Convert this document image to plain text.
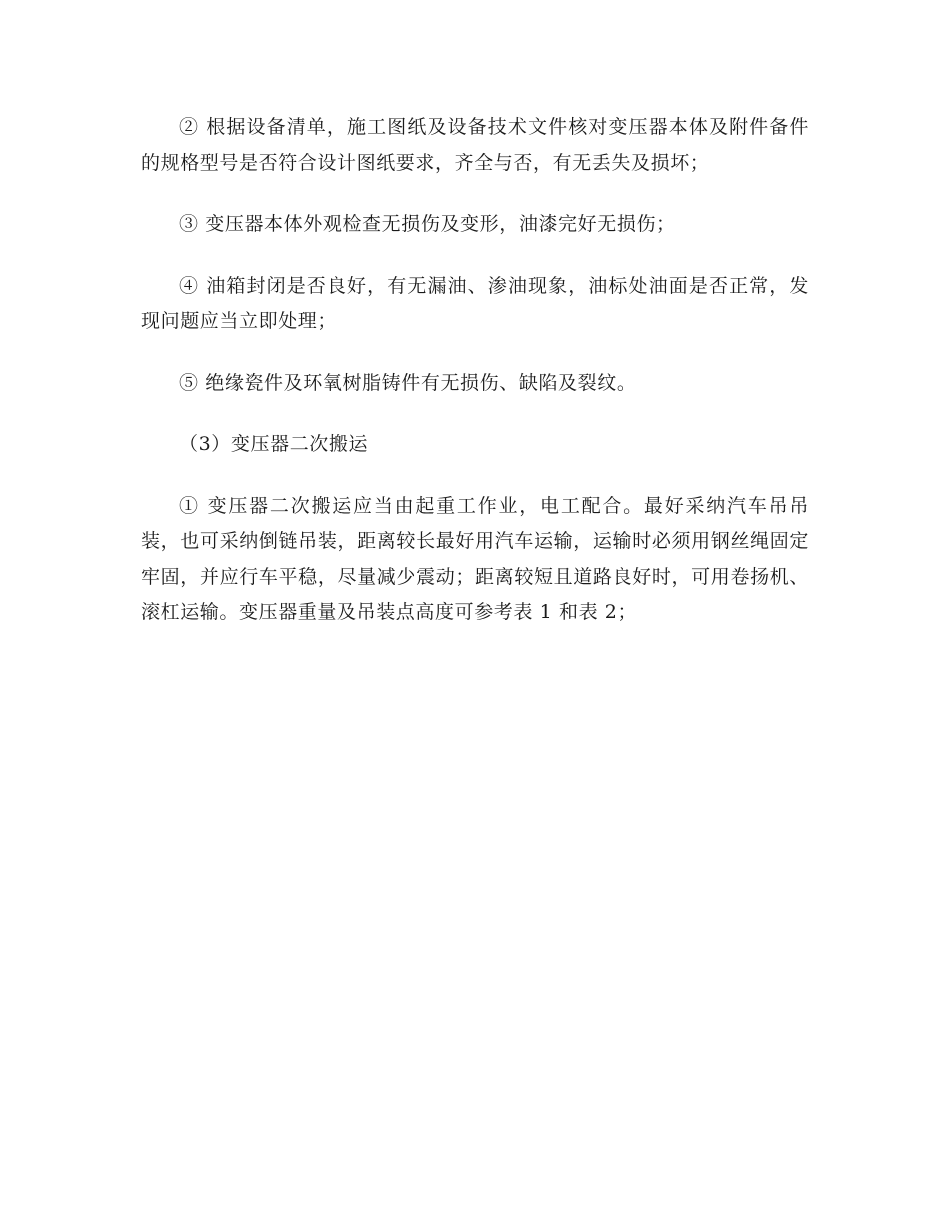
② 根据设备清单，施工图纸及设备技术文件核对变压器本体及附件备件的规格型号是否符合设计图纸要求，齐全与否，有无丢失及损坏；

③ 变压器本体外观检查无损伤及变形，油漆完好无损伤；

④ 油箱封闭是否良好，有无漏油、渗油现象，油标处油面是否正常，发现问题应当立即处理；

⑤ 绝缘瓷件及环氧树脂铸件有无损伤、缺陷及裂纹。

（3）变压器二次搬运

① 变压器二次搬运应当由起重工作业，电工配合。最好采纳汽车吊吊装，也可采纳倒链吊装，距离较长最好用汽车运输，运输时必须用钢丝绳固定牢固，并应行车平稳，尽量减少震动；距离较短且道路良好时，可用卷扬机、滚杠运输。变压器重量及吊装点高度可参考表 1 和表 2；
